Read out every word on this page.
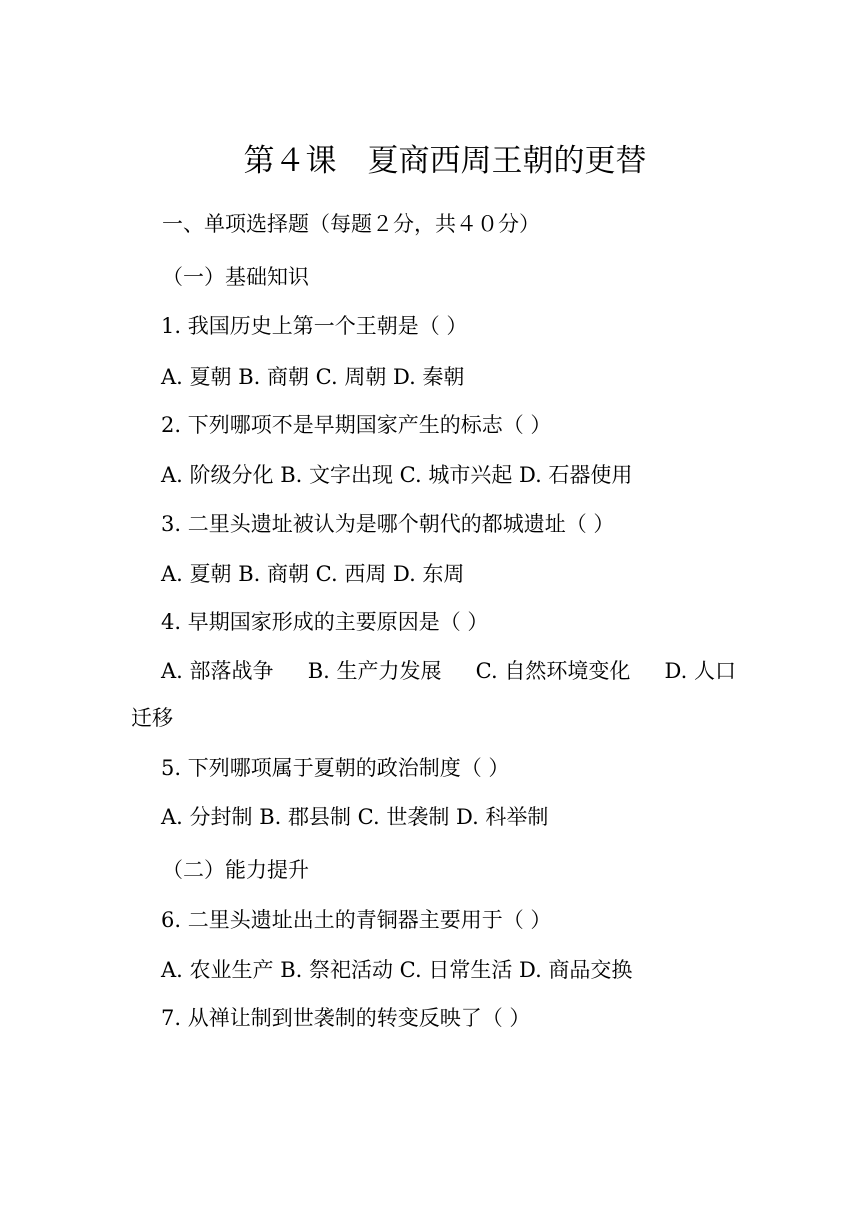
第４课　夏商西周王朝的更替
一、单项选择题（每题２分，共４０分）
（一）基础知识
1. 我国历史上第一个王朝是（ ）
A. 夏朝 B. 商朝 C. 周朝 D. 秦朝
2. 下列哪项不是早期国家产生的标志（ ）
A. 阶级分化 B. 文字出现 C. 城市兴起 D. 石器使用
3. 二里头遗址被认为是哪个朝代的都城遗址（ ）
A. 夏朝 B. 商朝 C. 西周 D. 东周
4. 早期国家形成的主要原因是（ ）
A. 部落战争 B. 生产力发展 C. 自然环境变化 D. 人口
迁移
5. 下列哪项属于夏朝的政治制度（ ）
A. 分封制 B. 郡县制 C. 世袭制 D. 科举制
（二）能力提升
6. 二里头遗址出土的青铜器主要用于（ ）
A. 农业生产 B. 祭祀活动 C. 日常生活 D. 商品交换
7. 从禅让制到世袭制的转变反映了（ ）
